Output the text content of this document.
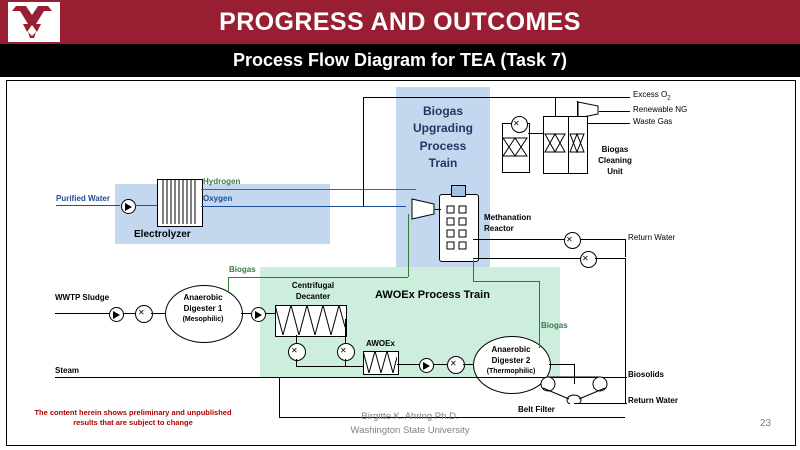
PROGRESS AND OUTCOMES
Process Flow Diagram for TEA (Task 7)
Excess $O_2$
Renewable NG
Waste Gas
✕
Biogas
Cleaning
Unit
Biogas
Upgrading
Process
Train
Methanation
Reactor
Electrolyzer
Purified Water
Hydrogen
Oxygen
✕	Return Water
✕
WWTP Sludge
✕
Anaerobic
Digester 1
(Mesophilic)
Biogas
Centrifugal
Decanter
✕	✕
AWOEx Process Train
AWOEx
✕
Anaerobic
Digester 2
(Thermophilic)
Biogas
Steam
Belt Filter
Biosolids
Return Water
The content herein shows preliminary and unpublished
results that are subject to change
Birgitte K. Ahring Ph.D.
Washington State University
23
